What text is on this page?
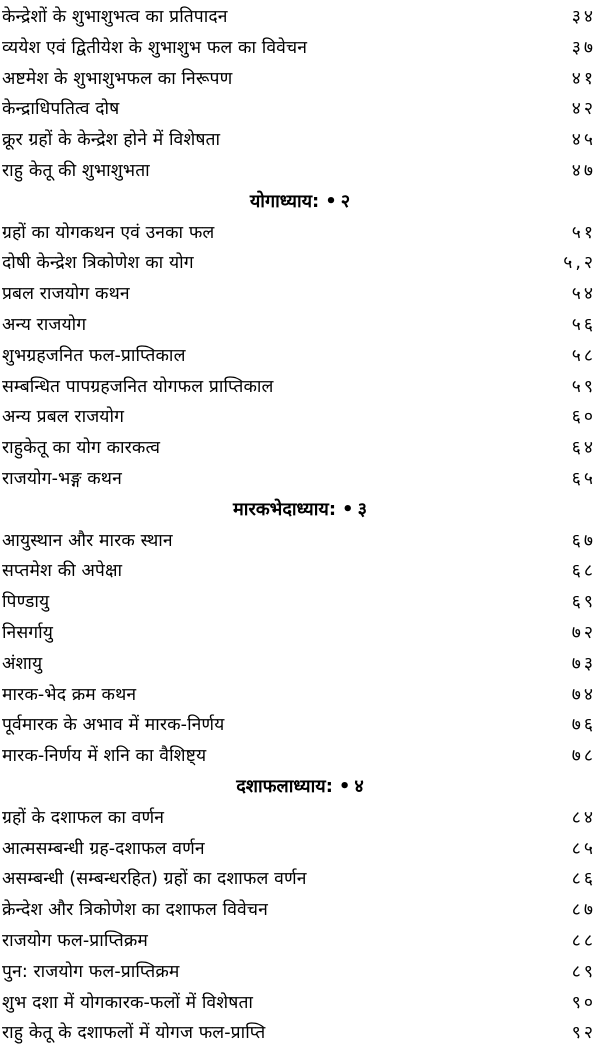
केन्द्रेशों के शुभाशुभत्व का प्रतिपादन	३४
व्ययेश एवं द्वितीयेश के शुभाशुभ फल का विवेचन	३७
अष्टमेश के शुभाशुभफल का निरूपण	४१
केन्द्राधिपतित्व दोष	४२
क्रूर ग्रहों के केन्द्रेश होने में विशेषता	४५
राहु केतू की शुभाशुभता	४७
योगाध्याय: • २
ग्रहों का योगकथन एवं उनका फल	५१
दोषी केन्द्रेश त्रिकोणेश का योग	५,२
प्रबल राजयोग कथन	५४
अन्य राजयोग	५६
शुभग्रहजनित फल-प्राप्तिकाल	५८
सम्बन्धित पापग्रहजनित योगफल प्राप्तिकाल	५९
अन्य प्रबल राजयोग	६०
राहुकेतू का योग कारकत्व	६४
राजयोग-भङ्ग कथन	६५
मारकभेदाध्याय: • ३
आयुस्थान और मारक स्थान	६७
सप्तमेश की अपेक्षा	६८
पिण्डायु	६९
निसर्गायु	७२
अंशायु	७३
मारक-भेद क्रम कथन	७४
पूर्वमारक के अभाव में मारक-निर्णय	७६
मारक-निर्णय में शनि का वैशिष्ट्य	७८
दशाफलाध्याय: • ४
ग्रहों के दशाफल का वर्णन	८४
आत्मसम्बन्धी ग्रह-दशाफल वर्णन	८५
असम्बन्धी (सम्बन्धरहित) ग्रहों का दशाफल वर्णन	८६
क्रेन्देश और त्रिकोणेश का दशाफल विवेचन	८७
राजयोग फल-प्राप्तिक्रम	८८
पुन: राजयोग फल-प्राप्तिक्रम	८९
शुभ दशा में योगकारक-फलों में विशेषता	९०
राहु केतू के दशाफलों में योगज फल-प्राप्ति	९२
